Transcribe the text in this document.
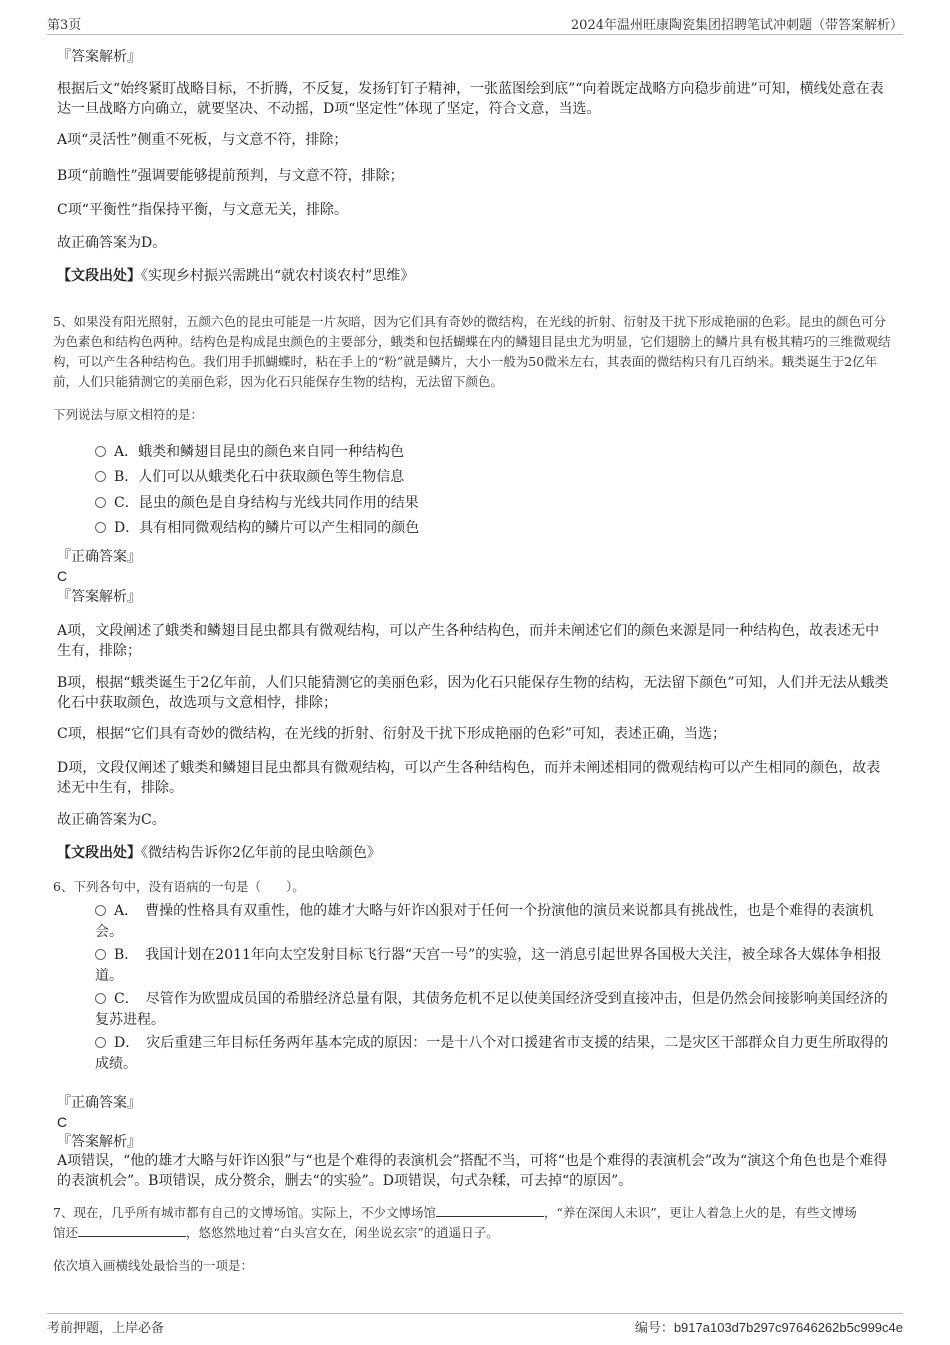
第3页	2024年温州旺康陶瓷集团招聘笔试冲刺题（带答案解析）

『答案解析』

根据后文“始终紧盯战略目标，不折腾，不反复，发扬钉钉子精神，一张蓝图绘到底”“向着既定战略方向稳步前进”可知，横线处意在表达一旦战略方向确立，就要坚决、不动摇，D项“坚定性”体现了坚定，符合文意，当选。

A项“灵活性”侧重不死板，与文意不符，排除；

B项“前瞻性”强调要能够提前预判，与文意不符，排除；

C项“平衡性”指保持平衡，与文意无关，排除。

故正确答案为D。

【文段出处】《实现乡村振兴需跳出“就农村谈农村”思维》

5、如果没有阳光照射，五颜六色的昆虫可能是一片灰暗，因为它们具有奇妙的微结构，在光线的折射、衍射及干扰下形成艳丽的色彩。昆虫的颜色可分为色素色和结构色两种。结构色是构成昆虫颜色的主要部分，蛾类和包括蝴蝶在内的鳞翅目昆虫尤为明显，它们翅膀上的鳞片具有极其精巧的三维微观结构，可以产生各种结构色。我们用手抓蝴蝶时，粘在手上的“粉”就是鳞片，大小一般为50微米左右，其表面的微结构只有几百纳米。蛾类诞生于2亿年前，人们只能猜测它的美丽色彩，因为化石只能保存生物的结构，无法留下颜色。

下列说法与原文相符的是：

A．蛾类和鳞翅目昆虫的颜色来自同一种结构色
B．人们可以从蛾类化石中获取颜色等生物信息
C．昆虫的颜色是自身结构与光线共同作用的结果
D．具有相同微观结构的鳞片可以产生相同的颜色

『正确答案』

C

『答案解析』

A项，文段阐述了蛾类和鳞翅目昆虫都具有微观结构，可以产生各种结构色，而并未阐述它们的颜色来源是同一种结构色，故表述无中生有，排除；

B项，根据“蛾类诞生于2亿年前，人们只能猜测它的美丽色彩，因为化石只能保存生物的结构，无法留下颜色”可知，人们并无法从蛾类化石中获取颜色，故选项与文意相悖，排除；

C项，根据“它们具有奇妙的微结构，在光线的折射、衍射及干扰下形成艳丽的色彩”可知，表述正确，当选；

D项，文段仅阐述了蛾类和鳞翅目昆虫都具有微观结构，可以产生各种结构色，而并未阐述相同的微观结构可以产生相同的颜色，故表述无中生有，排除。

故正确答案为C。

【文段出处】《微结构告诉你2亿年前的昆虫啥颜色》

6、下列各句中，没有语病的一句是（　　）。

A．　曹操的性格具有双重性，他的雄才大略与奸诈凶狠对于任何一个扮演他的演员来说都具有挑战性，也是个难得的表演机会。
B．　我国计划在2011年向太空发射目标飞行器“天宫一号”的实验，这一消息引起世界各国极大关注，被全球各大媒体争相报道。
C．　尽管作为欧盟成员国的希腊经济总量有限，其债务危机不足以使美国经济受到直接冲击，但是仍然会间接影响美国经济的复苏进程。
D．　灾后重建三年目标任务两年基本完成的原因：一是十八个对口援建省市支援的结果，二是灾区干部群众自力更生所取得的成绩。

『正确答案』

C

『答案解析』

A项错误，“他的雄才大略与奸诈凶狠”与“也是个难得的表演机会”搭配不当，可将“也是个难得的表演机会”改为“演这个角色也是个难得的表演机会”。B项错误，成分赘余，删去“的实验”。D项错误，句式杂糅，可去掉“的原因”。

7、现在，几乎所有城市都有自己的文博场馆。实际上，不少文博场馆	，“养在深闺人未识”，更让人着急上火的是，有些文博场
馆还	，悠悠然地过着“白头宫女在，闲坐说玄宗”的逍遥日子。

依次填入画横线处最恰当的一项是：

考前押题，上岸必备	编号：b917a103d7b297c97646262b5c999c4e
